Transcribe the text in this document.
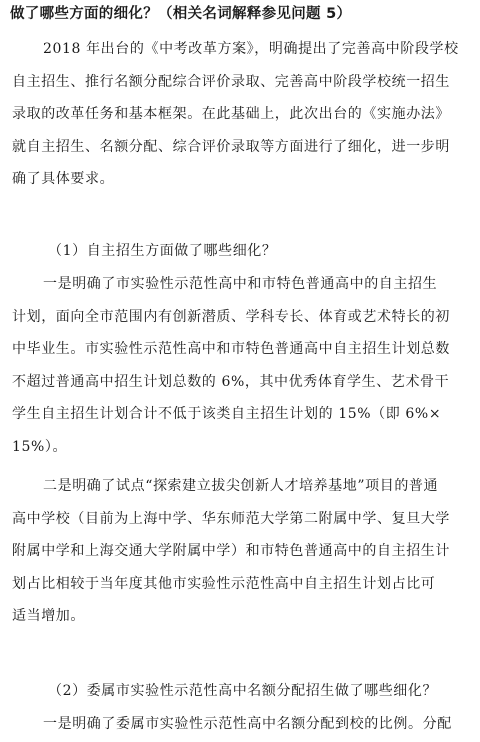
做了哪些方面的细化？（相关名词解释参见问题 5）
2018 年出台的《中考改革方案》，明确提出了完善高中阶段学校
自主招生、推行名额分配综合评价录取、完善高中阶段学校统一招生
录取的改革任务和基本框架。在此基础上，此次出台的《实施办法》
就自主招生、名额分配、综合评价录取等方面进行了细化，进一步明
确了具体要求。
（1）自主招生方面做了哪些细化？
一是明确了市实验性示范性高中和市特色普通高中的自主招生
计划，面向全市范围内有创新潜质、学科专长、体育或艺术特长的初
中毕业生。市实验性示范性高中和市特色普通高中自主招生计划总数
不超过普通高中招生计划总数的 6%，其中优秀体育学生、艺术骨干
学生自主招生计划合计不低于该类自主招生计划的 15%（即 6%×
15%）。
二是明确了试点“探索建立拔尖创新人才培养基地”项目的普通
高中学校（目前为上海中学、华东师范大学第二附属中学、复旦大学
附属中学和上海交通大学附属中学）和市特色普通高中的自主招生计
划占比相较于当年度其他市实验性示范性高中自主招生计划占比可
适当增加。
（2）委属市实验性示范性高中名额分配招生做了哪些细化？
一是明确了委属市实验性示范性高中名额分配到校的比例。分配
